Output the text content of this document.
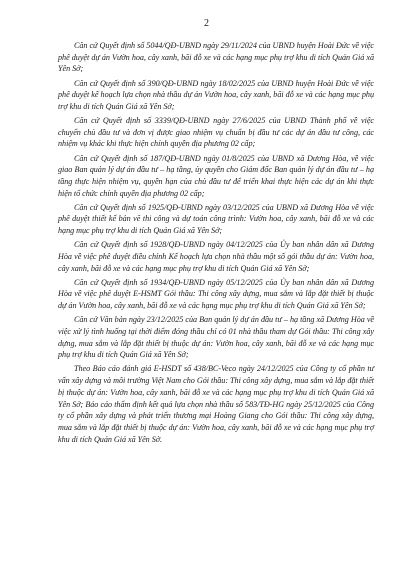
2

Căn cứ Quyết định số 5044/QĐ-UBND ngày 29/11/2024 của UBND huyện Hoài Đức về việc phê duyệt dự án Vườn hoa, cây xanh, bãi đỗ xe và các hạng mục phụ trợ khu di tích Quán Giá xã Yên Sở;

Căn cứ Quyết định số 390/QĐ-UBND ngày 18/02/2025 của UBND huyện Hoài Đức về việc phê duyệt kế hoạch lựa chọn nhà thầu dự án Vườn hoa, cây xanh, bãi đỗ xe và các hạng mục phụ trợ khu di tích Quán Giá xã Yên Sở;

Căn cứ Quyết định số 3339/QĐ-UBND ngày 27/6/2025 của UBND Thành phố về việc chuyển chủ đầu tư và đơn vị được giao nhiệm vụ chuẩn bị đầu tư các dự án đầu tư công, các nhiệm vụ khác khi thực hiện chính quyền địa phương 02 cấp;

Căn cứ Quyết định số 187/QĐ-UBND ngày 01/8/2025 của UBND xã Dương Hòa, về việc giao Ban quản lý dự án đầu tư – hạ tầng, ủy quyền cho Giám đốc Ban quản lý dự án đầu tư – hạ tầng thực hiện nhiệm vụ, quyền hạn của chủ đầu tư để triển khai thực hiện các dự án khi thực hiện tổ chức chính quyền địa phương 02 cấp;

Căn cứ Quyết định số 1925/QĐ-UBND ngày 03/12/2025 của UBND xã Dương Hòa về việc phê duyệt thiết kế bản vẽ thi công và dự toán công trình: Vườn hoa, cây xanh, bãi đỗ xe và các hạng mục phụ trợ khu di tích Quán Giá xã Yên Sở;

Căn cứ Quyết định số 1928/QĐ-UBND ngày 04/12/2025 của Ủy ban nhân dân xã Dương Hòa về việc phê duyệt điều chỉnh Kế hoạch lựa chọn nhà thầu một số gói thầu dự án: Vườn hoa, cây xanh, bãi đỗ xe và các hạng mục phụ trợ khu di tích Quán Giá xã Yên Sở;

Căn cứ Quyết định số 1934/QĐ-UBND ngày 05/12/2025 của Ủy ban nhân dân xã Dương Hòa về việc phê duyệt E-HSMT Gói thầu: Thi công xây dựng, mua sắm và lắp đặt thiết bị thuộc dự án Vườn hoa, cây xanh, bãi đỗ xe và các hạng mục phụ trợ khu di tích Quán Giá xã Yên Sở;

Căn cứ Văn bản ngày 23/12/2025 của Ban quản lý dự án đầu tư – hạ tầng xã Dương Hòa về việc xử lý tình huống tại thời điểm đóng thầu chỉ có 01 nhà thầu tham dự Gói thầu: Thi công xây dựng, mua sắm và lắp đặt thiết bị thuộc dự án: Vườn hoa, cây xanh, bãi đỗ xe và các hạng mục phụ trợ khu di tích Quán Giá xã Yên Sở;

Theo Báo cáo đánh giá E-HSDT số 438/BC-Veco ngày 24/12/2025 của Công ty cổ phần tư vấn xây dựng và môi trường Việt Nam cho Gói thầu: Thi công xây dựng, mua sắm và lắp đặt thiết bị thuộc dự án: Vườn hoa, cây xanh, bãi đỗ xe và các hạng mục phụ trợ khu di tích Quán Giá xã Yên Sở; Báo cáo thẩm định kết quả lựa chọn nhà thầu số 583/TĐ-HG ngày 25/12/2025 của Công ty cổ phần xây dựng và phát triển thương mại Hoàng Giang cho Gói thầu: Thi công xây dựng, mua sắm và lắp đặt thiết bị thuộc dự án: Vườn hoa, cây xanh, bãi đỗ xe và các hạng mục phụ trợ khu di tích Quán Giá xã Yên Sở.
